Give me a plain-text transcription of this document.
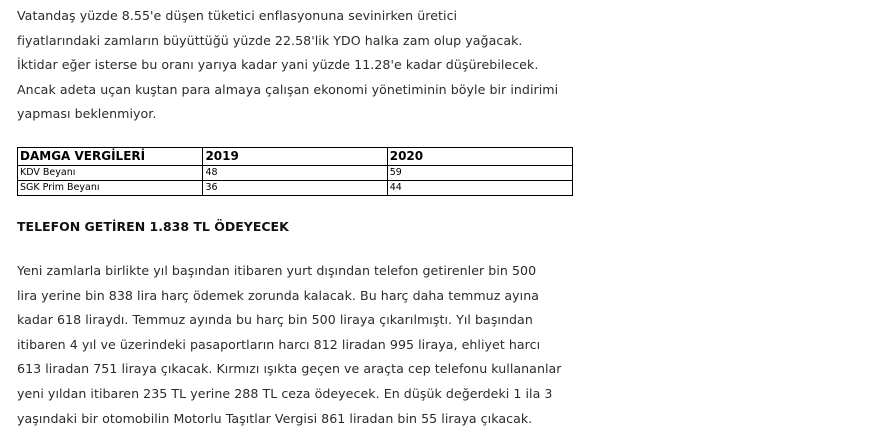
Vatandaş yüzde 8.55'e düşen tüketici enflasyonuna sevinirken üretici
fiyatlarındaki zamların büyüttüğü yüzde 22.58'lik YDO halka zam olup yağacak.
İktidar eğer isterse bu oranı yarıya kadar yani yüzde 11.28'e kadar düşürebilecek.
Ancak adeta uçan kuştan para almaya çalışan ekonomi yönetiminin böyle bir indirimi
yapması beklenmiyor.

DAMGA VERGİLERİ	2019	2020
KDV Beyanı	48	59
SGK Prim Beyanı	36	44
TELEFON GETİREN 1.838 TL ÖDEYECEK

Yeni zamlarla birlikte yıl başından itibaren yurt dışından telefon getirenler bin 500
lira yerine bin 838 lira harç ödemek zorunda kalacak. Bu harç daha temmuz ayına
kadar 618 liraydı. Temmuz ayında bu harç bin 500 liraya çıkarılmıştı. Yıl başından
itibaren 4 yıl ve üzerindeki pasaportların harcı 812 liradan 995 liraya, ehliyet harcı
613 liradan 751 liraya çıkacak. Kırmızı ışıkta geçen ve araçta cep telefonu kullananlar
yeni yıldan itibaren 235 TL yerine 288 TL ceza ödeyecek. En düşük değerdeki 1 ila 3
yaşındaki bir otomobilin Motorlu Taşıtlar Vergisi 861 liradan bin 55 liraya çıkacak.
